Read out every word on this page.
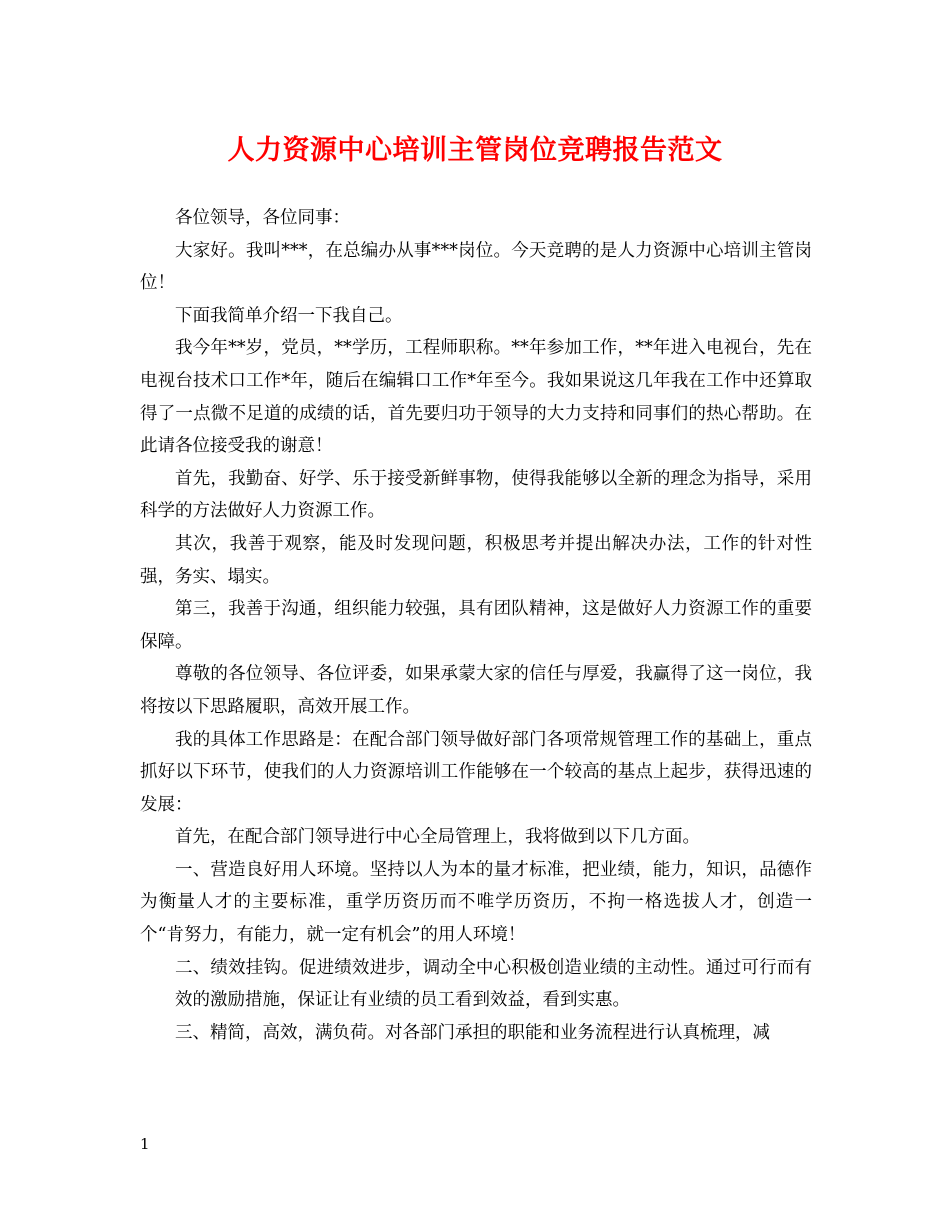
人力资源中心培训主管岗位竞聘报告范文

各位领导，各位同事：

大家好。我叫***，在总编办从事***岗位。今天竞聘的是人力资源中心培训主管岗位！

下面我简单介绍一下我自己。

我今年**岁，党员，**学历，工程师职称。**年参加工作，**年进入电视台，先在电视台技术口工作*年，随后在编辑口工作*年至今。我如果说这几年我在工作中还算取得了一点微不足道的成绩的话，首先要归功于领导的大力支持和同事们的热心帮助。在此请各位接受我的谢意！

首先，我勤奋、好学、乐于接受新鲜事物，使得我能够以全新的理念为指导，采用科学的方法做好人力资源工作。

其次，我善于观察，能及时发现问题，积极思考并提出解决办法，工作的针对性强，务实、塌实。

第三，我善于沟通，组织能力较强，具有团队精神，这是做好人力资源工作的重要保障。

尊敬的各位领导、各位评委，如果承蒙大家的信任与厚爱，我赢得了这一岗位，我将按以下思路履职，高效开展工作。

我的具体工作思路是：在配合部门领导做好部门各项常规管理工作的基础上，重点抓好以下环节，使我们的人力资源培训工作能够在一个较高的基点上起步，获得迅速的发展：

首先，在配合部门领导进行中心全局管理上，我将做到以下几方面。

一、营造良好用人环境。坚持以人为本的量才标准，把业绩，能力，知识，品德作为衡量人才的主要标准，重学历资历而不唯学历资历，不拘一格选拔人才，创造一个“肯努力，有能力，就一定有机会”的用人环境！

二、绩效挂钩。促进绩效进步，调动全中心积极创造业绩的主动性。通过可行而有效的激励措施，保证让有业绩的员工看到效益，看到实惠。

三、精简，高效，满负荷。对各部门承担的职能和业务流程进行认真梳理，减

1
